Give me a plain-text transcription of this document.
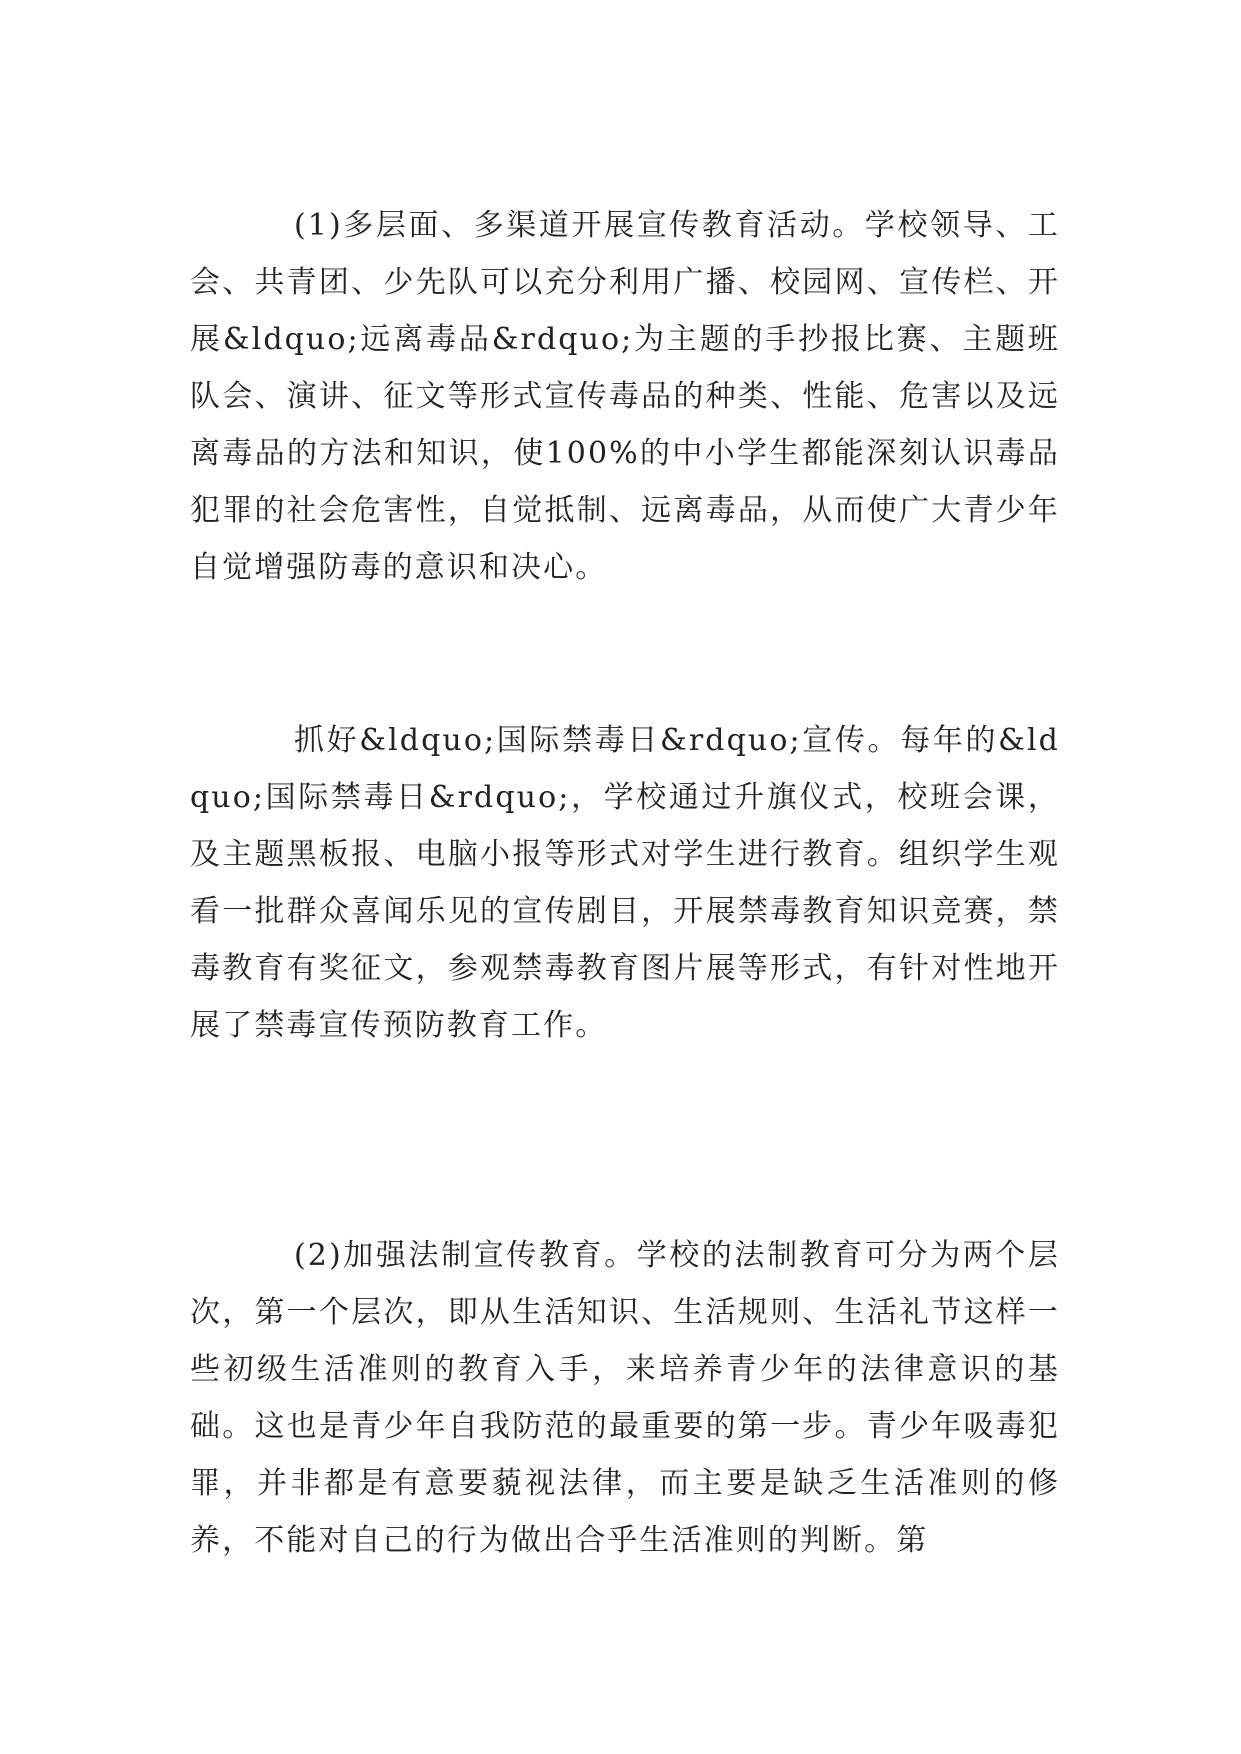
(1)多层面、多渠道开展宣传教育活动。学校领导、工会、共青团、少先队可以充分利用广播、校园网、宣传栏、开展&ldquo;远离毒品&rdquo;为主题的手抄报比赛、主题班队会、演讲、征文等形式宣传毒品的种类、性能、危害以及远离毒品的方法和知识，使100%的中小学生都能深刻认识毒品犯罪的社会危害性，自觉抵制、远离毒品，从而使广大青少年自觉增强防毒的意识和决心。

抓好&ldquo;国际禁毒日&rdquo;宣传。每年的&ldquo;国际禁毒日&rdquo;，学校通过升旗仪式，校班会课，及主题黑板报、电脑小报等形式对学生进行教育。组织学生观看一批群众喜闻乐见的宣传剧目，开展禁毒教育知识竞赛，禁毒教育有奖征文，参观禁毒教育图片展等形式，有针对性地开展了禁毒宣传预防教育工作。

(2)加强法制宣传教育。学校的法制教育可分为两个层次，第一个层次，即从生活知识、生活规则、生活礼节这样一些初级生活准则的教育入手，来培养青少年的法律意识的基础。这也是青少年自我防范的最重要的第一步。青少年吸毒犯罪，并非都是有意要藐视法律，而主要是缺乏生活准则的修养，不能对自己的行为做出合乎生活准则的判断。第
